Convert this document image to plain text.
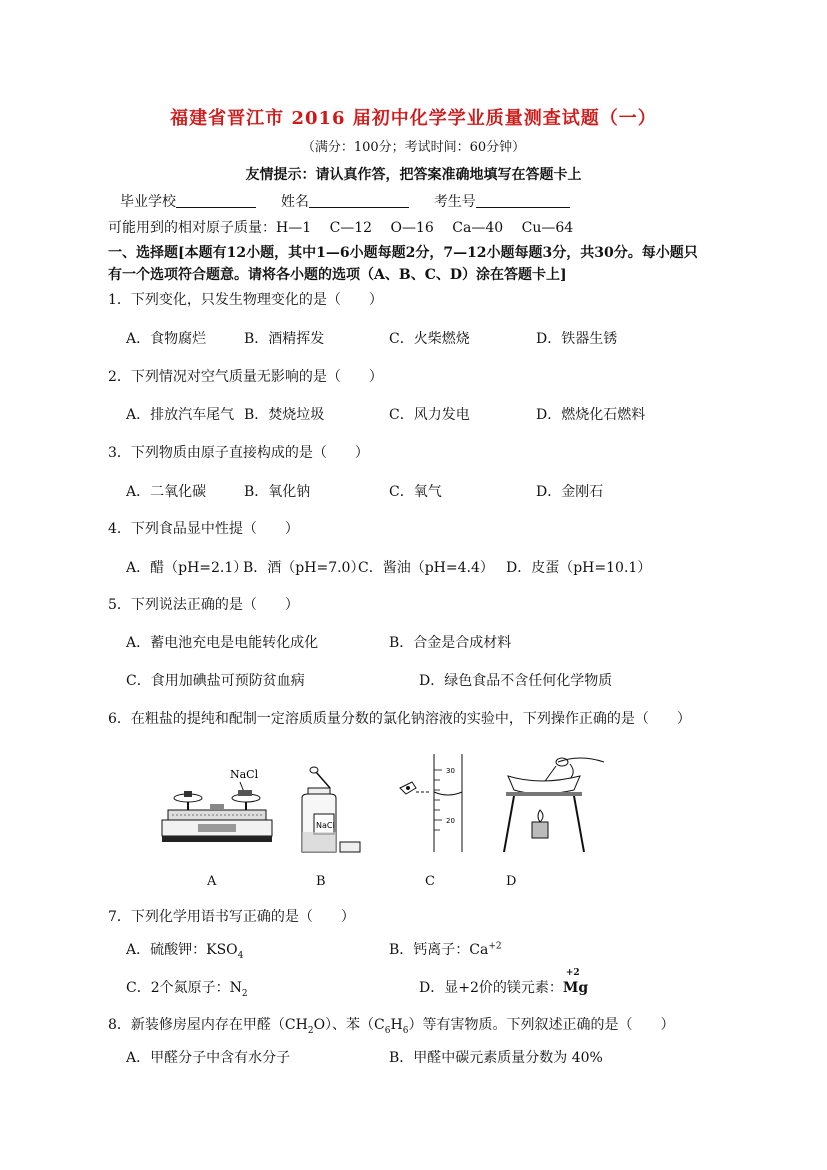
福建省晋江市 2016 届初中化学学业质量测查试题（一）
（满分：100分；考试时间：60分钟）
友情提示：请认真作答，把答案准确地填写在答题卡上
毕业学校	姓名	考生号
可能用到的相对原子质量：H—1　 C—12　 O—16　 Ca—40　 Cu—64
一、选择题[本题有12小题，其中1—6小题每题2分，7—12小题每题3分，共30分。每小题只
有一个选项符合题意。请将各小题的选项（A、B、C、D）涂在答题卡上]
1．下列变化，只发生物理变化的是（　　）
A．食物腐烂	B．酒精挥发	C．火柴燃烧	D．铁器生锈
2．下列情况对空气质量无影响的是（　　）
A．排放汽车尾气 B．焚烧垃圾	C．风力发电	D．燃烧化石燃料
3．下列物质由原子直接构成的是（　　）
A．二氧化碳	B．氧化钠	C．氧气	D．金刚石
4．下列食品显中性提（　　）
A．醋（pH=2.1）
B．酒（pH=7.0）
C．酱油（pH=4.4） D．皮蛋（pH=10.1）
5．下列说法正确的是（　　）
A．蓄电池充电是电能转化成化	B．合金是合成材料
C．食用加碘盐可预防贫血病	D．绿色食品不含任何化学物质
6．在粗盐的提纯和配制一定溶质质量分数的氯化钠溶液的实验中，下列操作正确的是（　　）
NaCl
NaCl
30
20
A	B	C	D
7．下列化学用语书写正确的是（　　）
A．硫酸钾：$KSO_4$	B．钙离子：$Ca^{+2}$
C．2个氮原子：$N_2$	D．显+2价的镁元素：
+2
Mg
8．新装修房屋内存在甲醛$(CH_2O)$、苯$(C_6H_6)$等有害物质。下列叙述正确的是（　　）
A．甲醛分子中含有水分子	B．甲醛中碳元素质量分数为 40%
